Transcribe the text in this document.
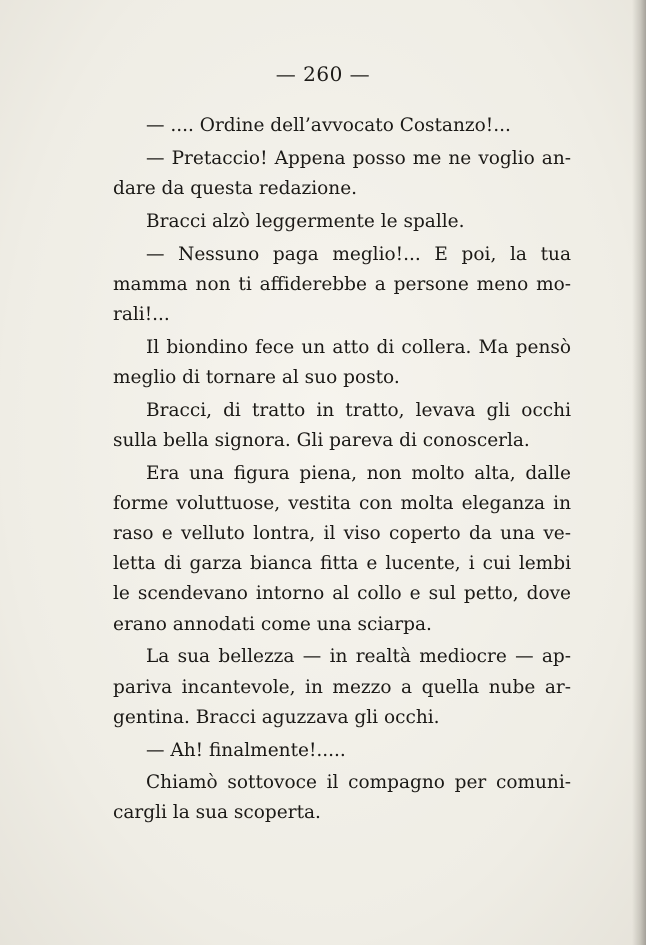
— 260 —
— .... Ordine dell’avvocato Costanzo!...
— Pretaccio! Appena posso me ne voglio an-
dare da questa redazione.
Bracci alzò leggermente le spalle.
— Nessuno paga meglio!... E poi, la tua
mamma non ti affiderebbe a persone meno mo-
rali!...
Il biondino fece un atto di collera. Ma pensò
meglio di tornare al suo posto.
Bracci, di tratto in tratto, levava gli occhi
sulla bella signora. Gli pareva di conoscerla.
Era una figura piena, non molto alta, dalle
forme voluttuose, vestita con molta eleganza in
raso e velluto lontra, il viso coperto da una ve-
letta di garza bianca fitta e lucente, i cui lembi
le scendevano intorno al collo e sul petto, dove
erano annodati come una sciarpa.
La sua bellezza — in realtà mediocre — ap-
pariva incantevole, in mezzo a quella nube ar-
gentina. Bracci aguzzava gli occhi.
— Ah! finalmente!.....
Chiamò sottovoce il compagno per comuni-
cargli la sua scoperta.
